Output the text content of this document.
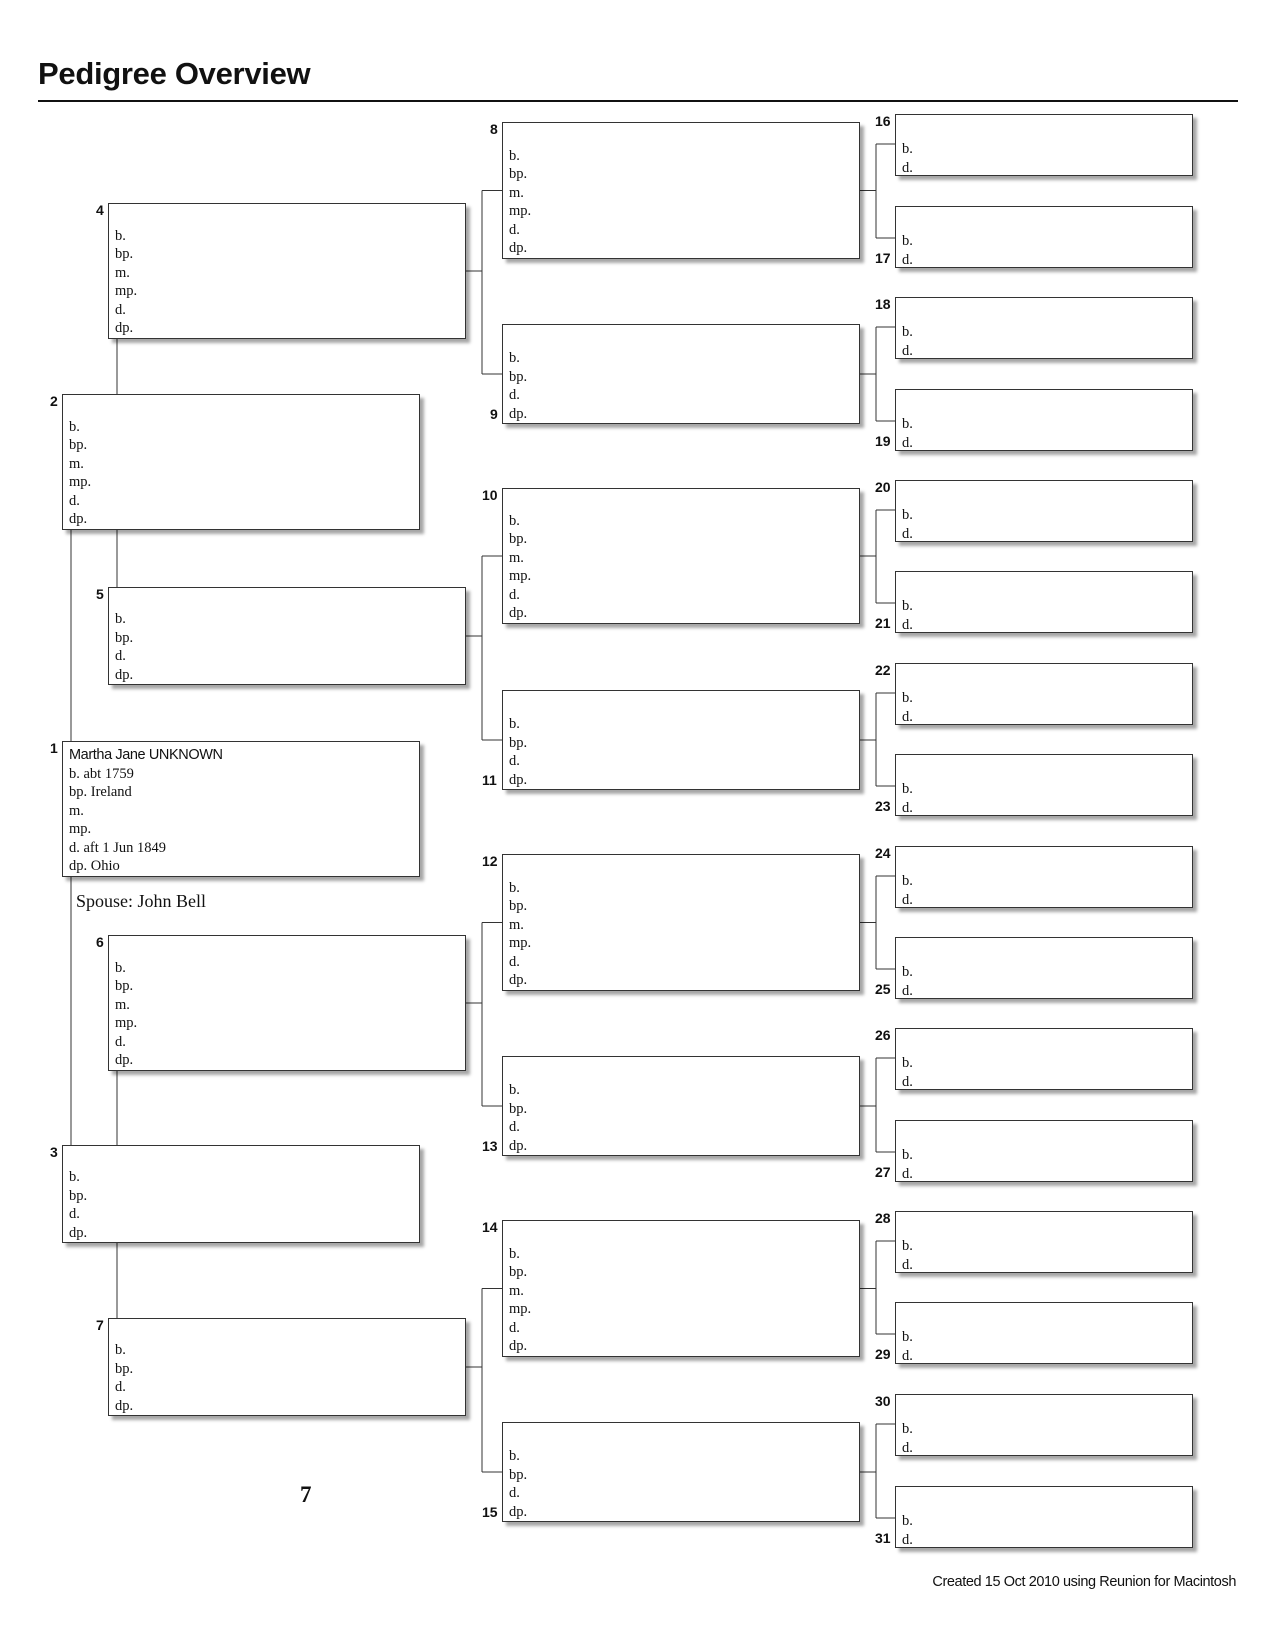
Pedigree Overview
Martha Jane UNKNOWN
b. abt 1759
bp. Ireland
m.
mp.
d. aft 1 Jun 1849
dp. Ohio
1

b.
bp.
m.
mp.
d.
dp.
2

b.
bp.
d.
dp.
3

b.
bp.
m.
mp.
d.
dp.
4

b.
bp.
d.
dp.
5

b.
bp.
m.
mp.
d.
dp.
6

b.
bp.
d.
dp.
7

b.
bp.
m.
mp.
d.
dp.
8

b.
bp.
d.
dp.
9

b.
bp.
m.
mp.
d.
dp.
10

b.
bp.
d.
dp.
11

b.
bp.
m.
mp.
d.
dp.
12

b.
bp.
d.
dp.
13

b.
bp.
m.
mp.
d.
dp.
14

b.
bp.
d.
dp.
15

b.
d.
16

b.
d.
17

b.
d.
18

b.
d.
19

b.
d.
20

b.
d.
21

b.
d.
22

b.
d.
23

b.
d.
24

b.
d.
25

b.
d.
26

b.
d.
27

b.
d.
28

b.
d.
29

b.
d.
30

b.
d.
31
Spouse: John Bell
7
Created 15 Oct 2010 using Reunion for Macintosh
